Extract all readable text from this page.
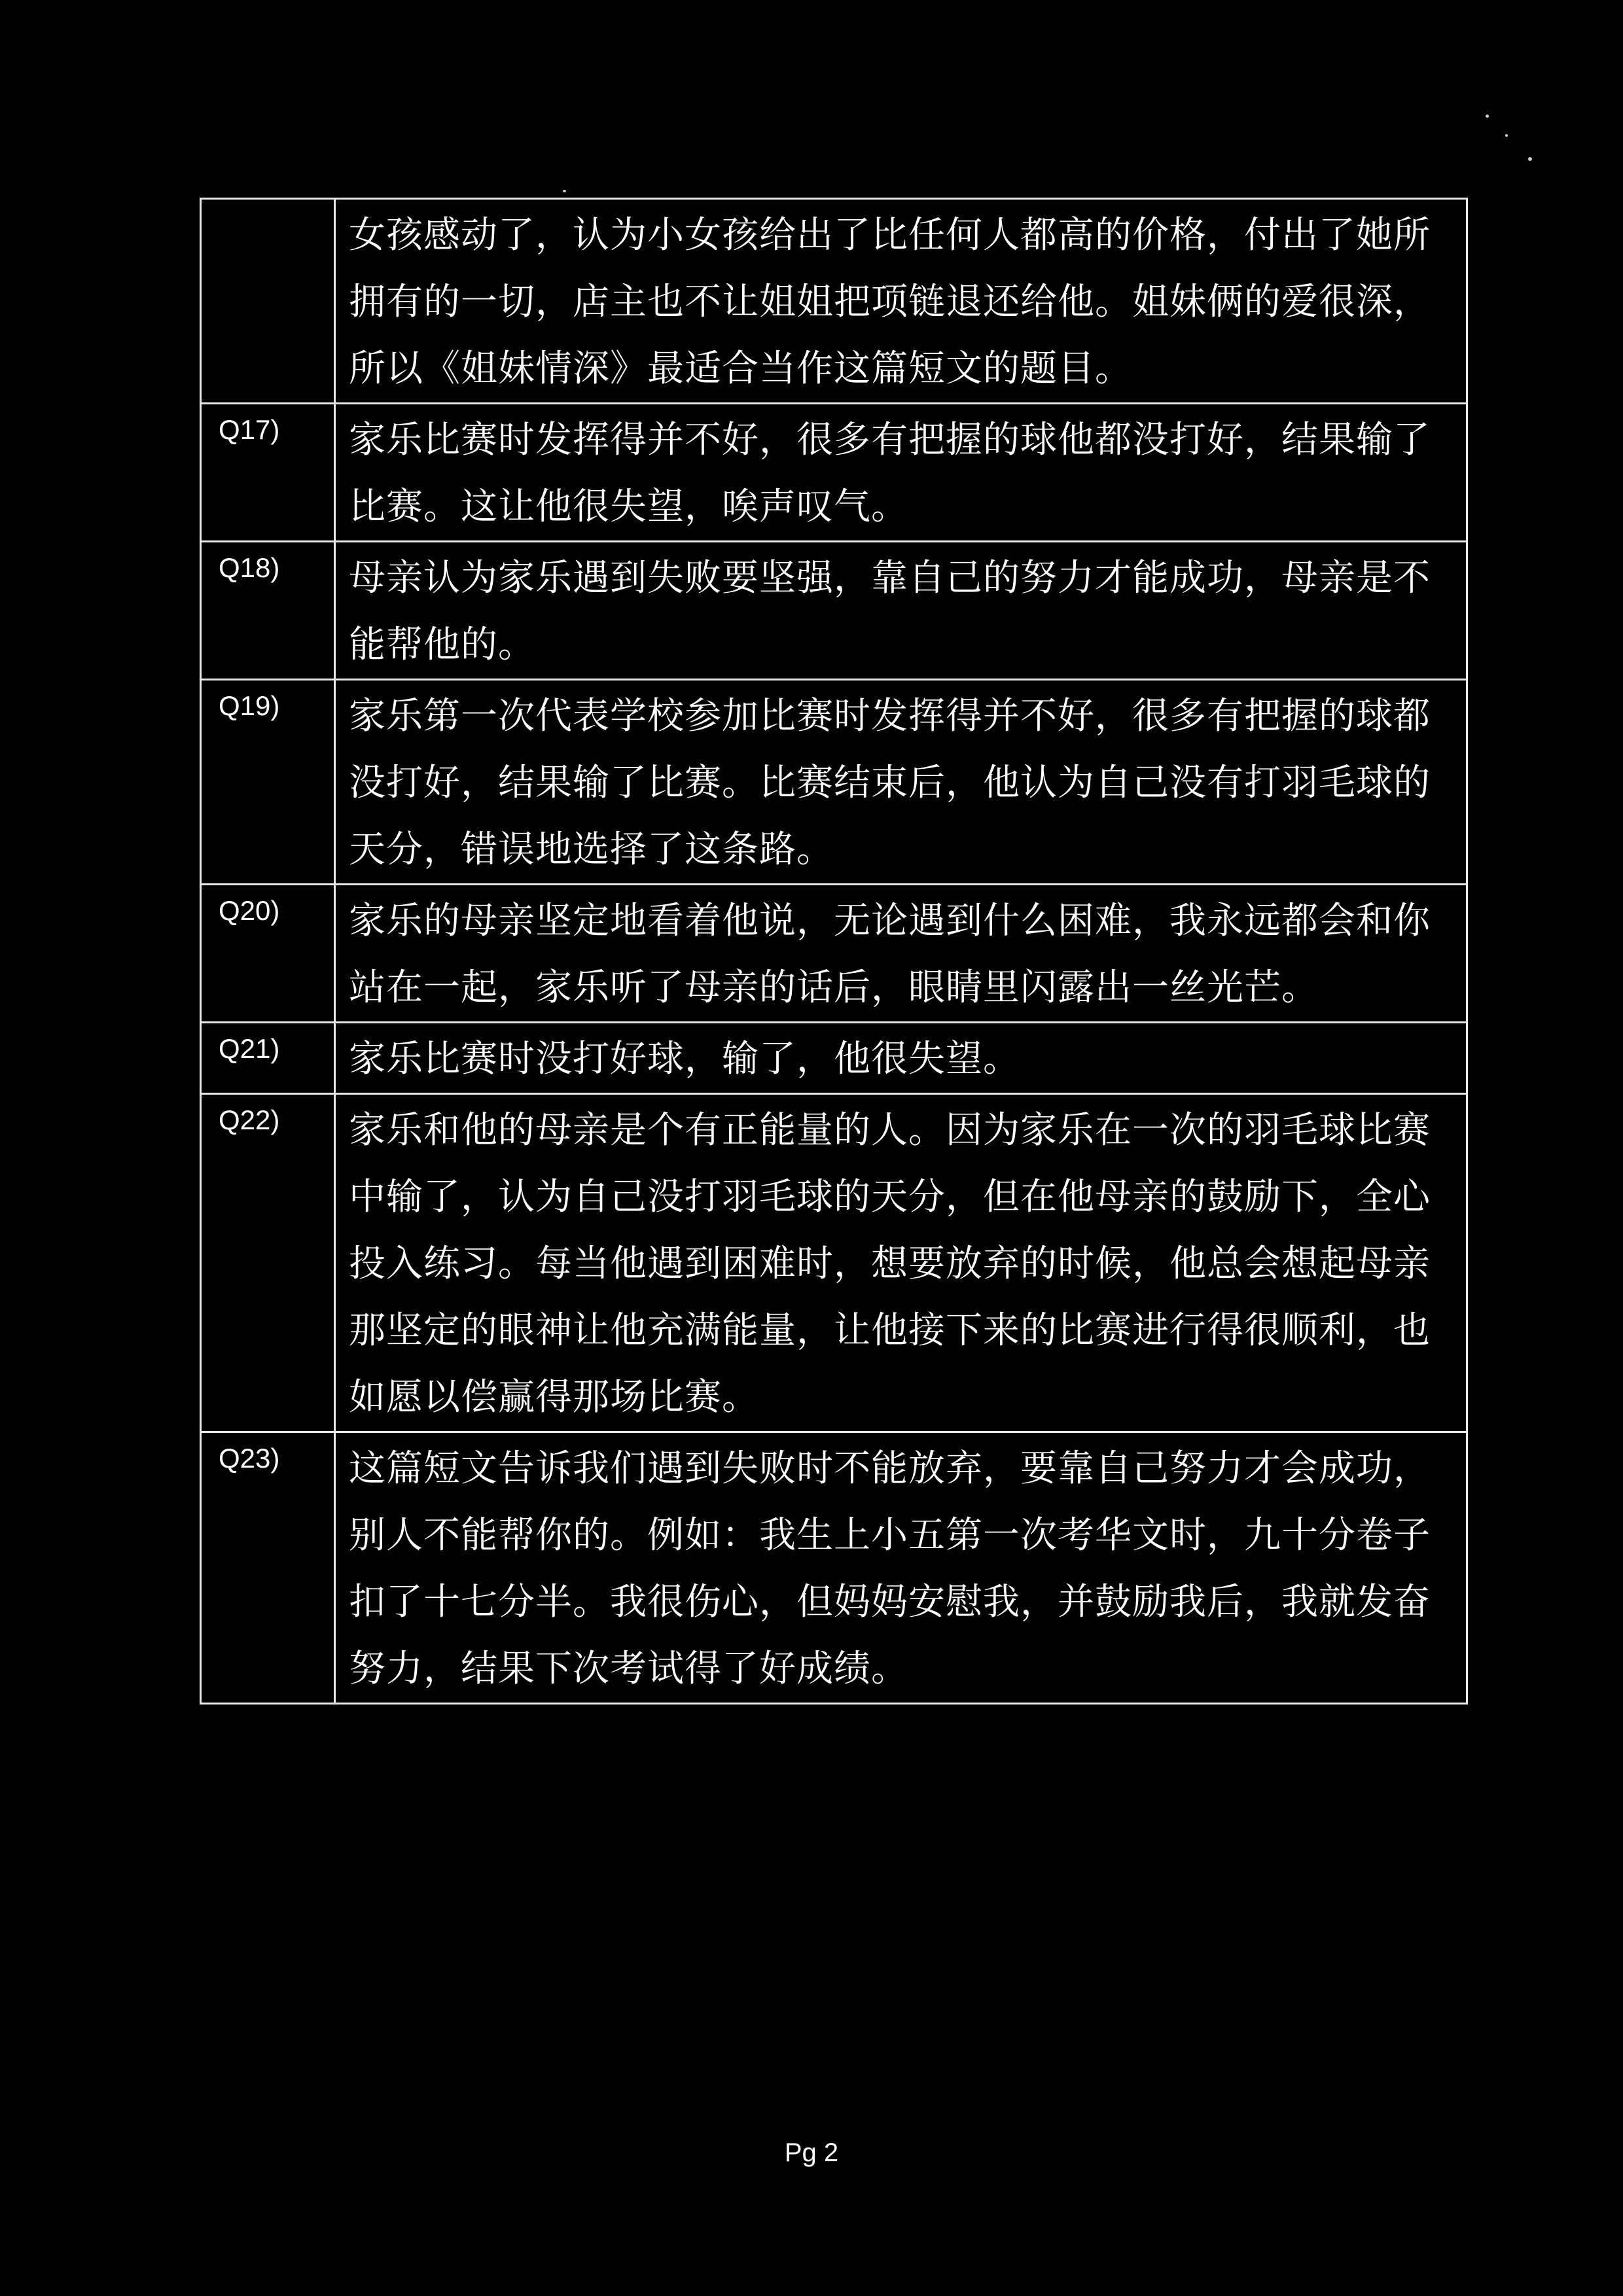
	女孩感动了，认为小女孩给出了比任何人都高的价格，付出了她所拥有的一切，店主也不让姐姐把项链退还给他。姐妹俩的爱很深，所以《姐妹情深》最适合当作这篇短文的题目。

Q17)	家乐比赛时发挥得并不好，很多有把握的球他都没打好，结果输了比赛。这让他很失望，唉声叹气。

Q18)	母亲认为家乐遇到失败要坚强，靠自己的努力才能成功，母亲是不能帮他的。

Q19)	家乐第一次代表学校参加比赛时发挥得并不好，很多有把握的球都没打好，结果输了比赛。比赛结束后，他认为自己没有打羽毛球的天分，错误地选择了这条路。

Q20)	家乐的母亲坚定地看着他说，无论遇到什么困难，我永远都会和你站在一起，家乐听了母亲的话后，眼睛里闪露出一丝光芒。

Q21)	家乐比赛时没打好球，输了，他很失望。

Q22)	家乐和他的母亲是个有正能量的人。因为家乐在一次的羽毛球比赛中输了，认为自己没打羽毛球的天分，但在他母亲的鼓励下，全心投入练习。每当他遇到困难时，想要放弃的时候，他总会想起母亲那坚定的眼神让他充满能量，让他接下来的比赛进行得很顺利，也如愿以偿赢得那场比赛。

Q23)	这篇短文告诉我们遇到失败时不能放弃，要靠自己努力才会成功，别人不能帮你的。例如：我生上小五第一次考华文时，九十分卷子扣了十七分半。我很伤心，但妈妈安慰我，并鼓励我后，我就发奋努力，结果下次考试得了好成绩。
Pg 2
